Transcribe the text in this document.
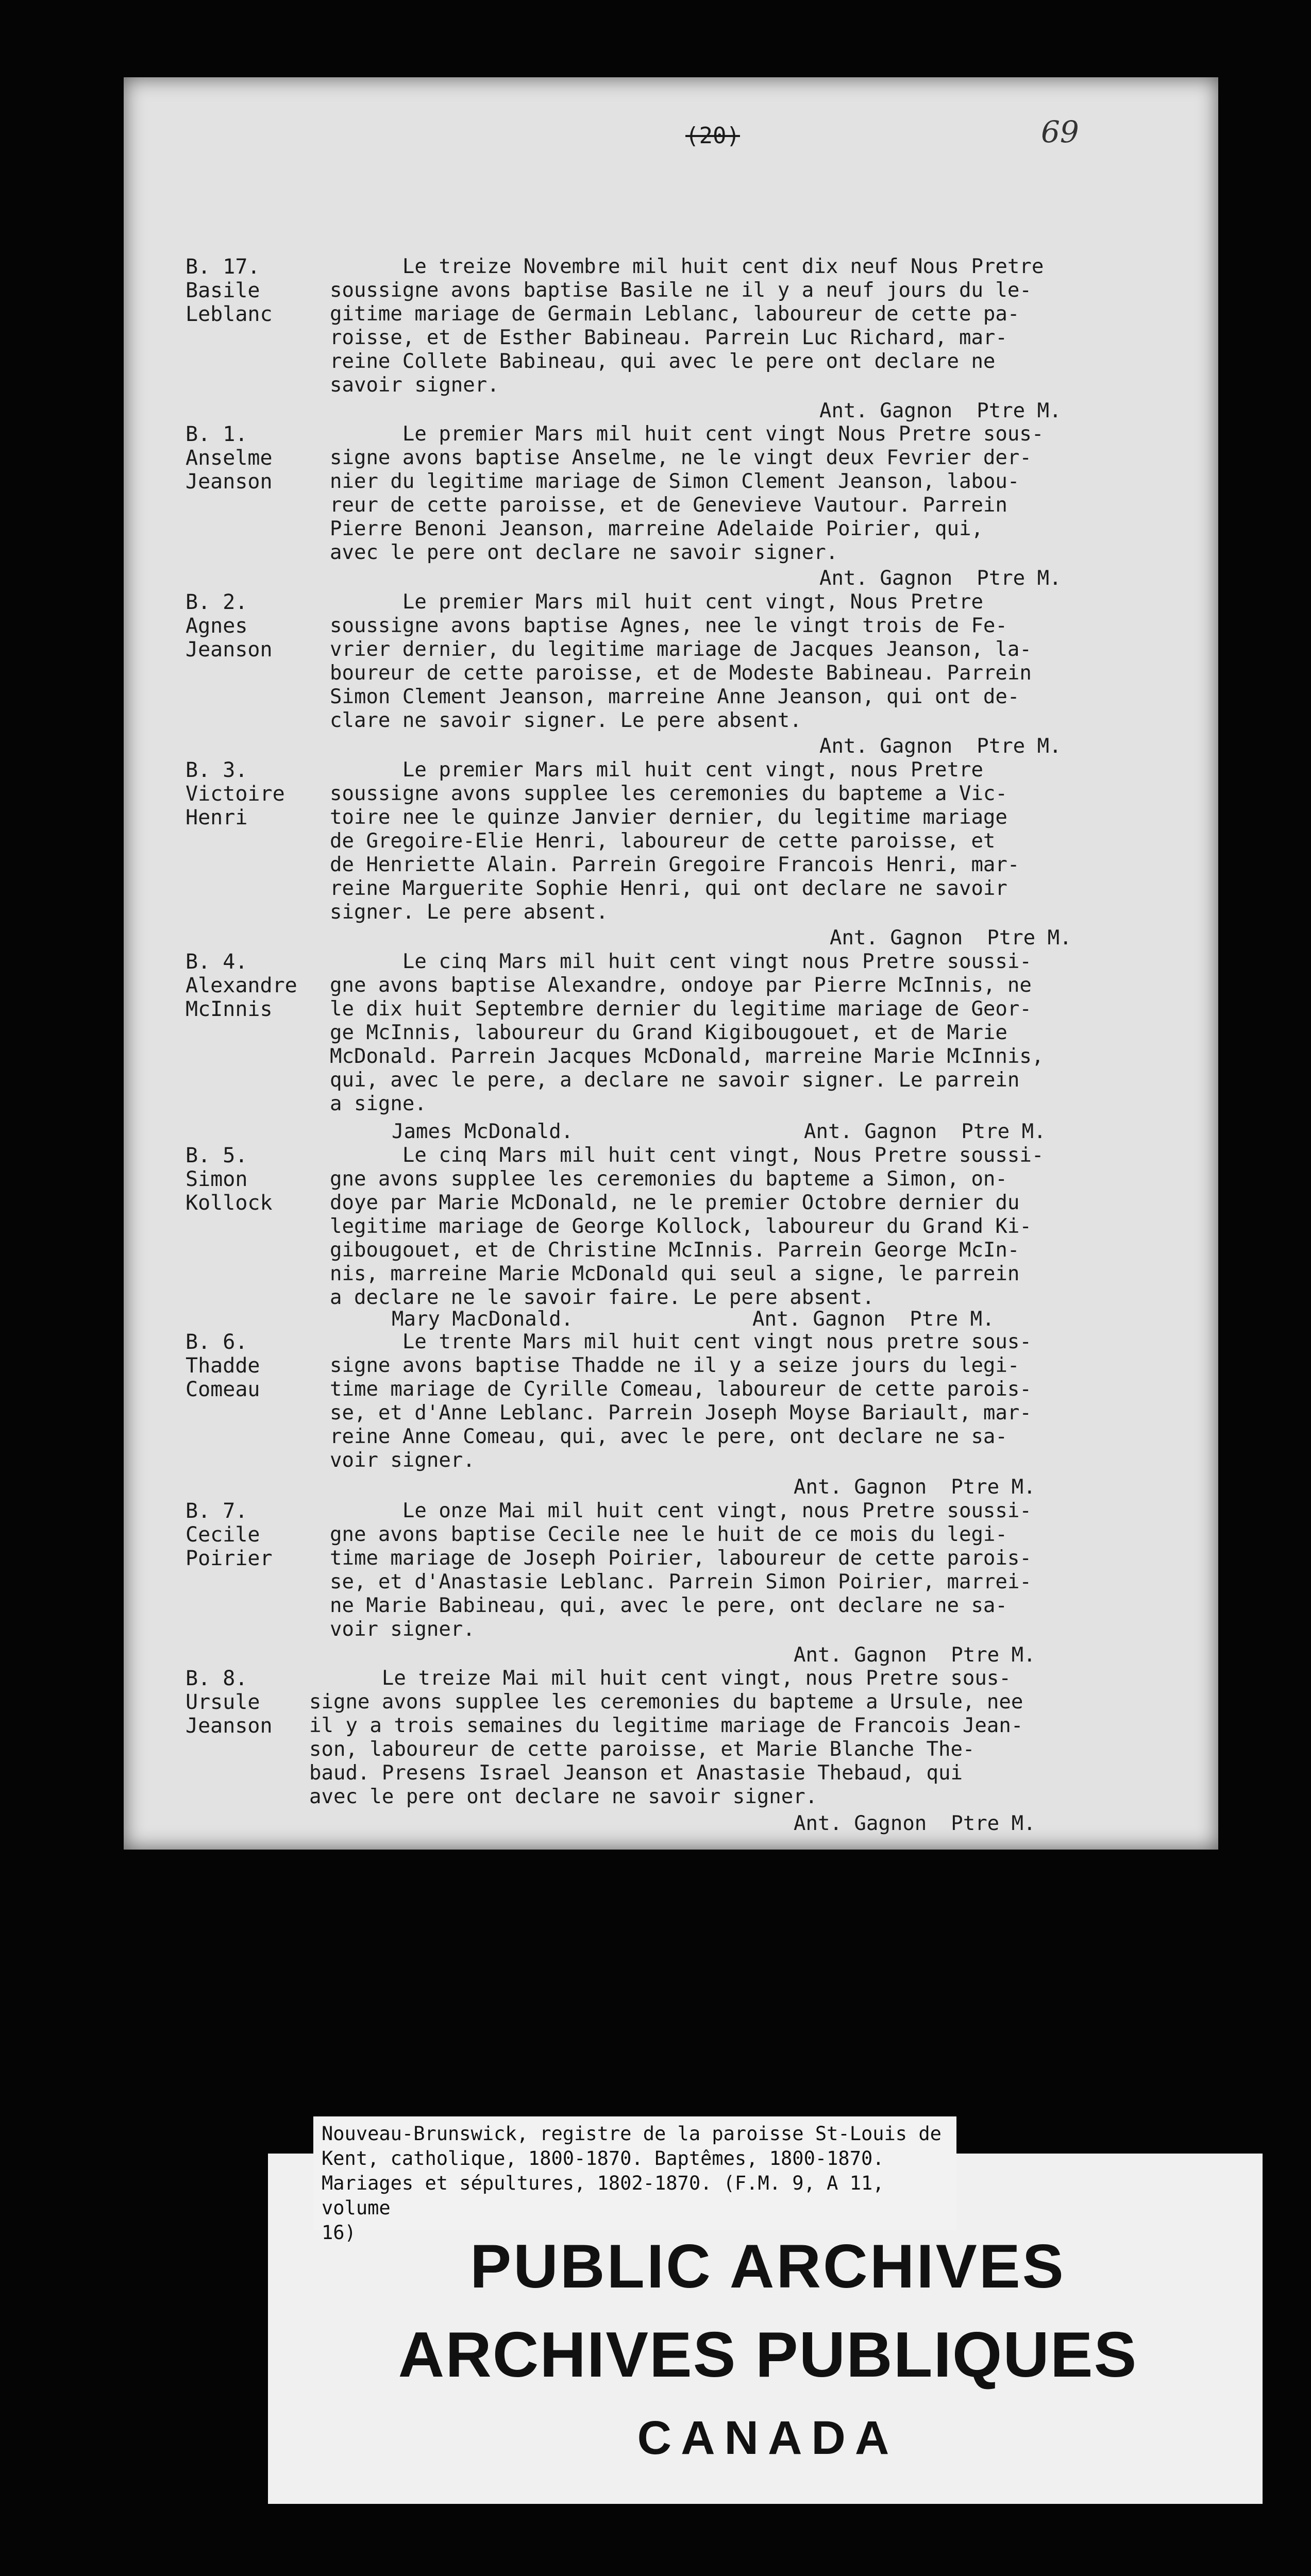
(20)	69
B. 17.
Basile
Leblanc
Le treize Novembre mil huit cent dix neuf Nous Pretre
soussigne avons baptise Basile ne il y a neuf jours du le-
gitime mariage de Germain Leblanc, laboureur de cette pa-
roisse, et de Esther Babineau. Parrein Luc Richard, mar-
reine Collete Babineau, qui avec le pere ont declare ne
savoir signer.
Ant. Gagnon  Ptre M.
B. 1.
Anselme
Jeanson
Le premier Mars mil huit cent vingt Nous Pretre sous-
signe avons baptise Anselme, ne le vingt deux Fevrier der-
nier du legitime mariage de Simon Clement Jeanson, labou-
reur de cette paroisse, et de Genevieve Vautour. Parrein
Pierre Benoni Jeanson, marreine Adelaide Poirier, qui,
avec le pere ont declare ne savoir signer.
Ant. Gagnon  Ptre M.
B. 2.
Agnes
Jeanson
Le premier Mars mil huit cent vingt, Nous Pretre
soussigne avons baptise Agnes, nee le vingt trois de Fe-
vrier dernier, du legitime mariage de Jacques Jeanson, la-
boureur de cette paroisse, et de Modeste Babineau. Parrein
Simon Clement Jeanson, marreine Anne Jeanson, qui ont de-
clare ne savoir signer. Le pere absent.
Ant. Gagnon  Ptre M.
B. 3.
Victoire
Henri
Le premier Mars mil huit cent vingt, nous Pretre
soussigne avons supplee les ceremonies du bapteme a Vic-
toire nee le quinze Janvier dernier, du legitime mariage
de Gregoire-Elie Henri, laboureur de cette paroisse, et
de Henriette Alain. Parrein Gregoire Francois Henri, mar-
reine Marguerite Sophie Henri, qui ont declare ne savoir
signer. Le pere absent.
Ant. Gagnon  Ptre M.
B. 4.
Alexandre
McInnis
Le cinq Mars mil huit cent vingt nous Pretre soussi-
gne avons baptise Alexandre, ondoye par Pierre McInnis, ne
le dix huit Septembre dernier du legitime mariage de Geor-
ge McInnis, laboureur du Grand Kigibougouet, et de Marie
McDonald. Parrein Jacques McDonald, marreine Marie McInnis,
qui, avec le pere, a declare ne savoir signer. Le parrein
a signe.
James McDonald.	Ant. Gagnon  Ptre M.
B. 5.
Simon
Kollock
Le cinq Mars mil huit cent vingt, Nous Pretre soussi-
gne avons supplee les ceremonies du bapteme a Simon, on-
doye par Marie McDonald, ne le premier Octobre dernier du
legitime mariage de George Kollock, laboureur du Grand Ki-
gibougouet, et de Christine McInnis. Parrein George McIn-
nis, marreine Marie McDonald qui seul a signe, le parrein
a declare ne le savoir faire. Le pere absent.
Mary MacDonald.	Ant. Gagnon  Ptre M.
B. 6.
Thadde
Comeau
Le trente Mars mil huit cent vingt nous pretre sous-
signe avons baptise Thadde ne il y a seize jours du legi-
time mariage de Cyrille Comeau, laboureur de cette parois-
se, et d'Anne Leblanc. Parrein Joseph Moyse Bariault, mar-
reine Anne Comeau, qui, avec le pere, ont declare ne sa-
voir signer.
Ant. Gagnon  Ptre M.
B. 7.
Cecile
Poirier
Le onze Mai mil huit cent vingt, nous Pretre soussi-
gne avons baptise Cecile nee le huit de ce mois du legi-
time mariage de Joseph Poirier, laboureur de cette parois-
se, et d'Anastasie Leblanc. Parrein Simon Poirier, marrei-
ne Marie Babineau, qui, avec le pere, ont declare ne sa-
voir signer.
Ant. Gagnon  Ptre M.
B. 8.
Ursule
Jeanson
Le treize Mai mil huit cent vingt, nous Pretre sous-
signe avons supplee les ceremonies du bapteme a Ursule, nee
il y a trois semaines du legitime mariage de Francois Jean-
son, laboureur de cette paroisse, et Marie Blanche The-
baud. Presens Israel Jeanson et Anastasie Thebaud, qui
avec le pere ont declare ne savoir signer.
Ant. Gagnon  Ptre M.
Nouveau-Brunswick, registre de la paroisse St-Louis de
Kent, catholique, 1800-1870. Baptêmes, 1800-1870.
Mariages et sépultures, 1802-1870. (F.M. 9, A 11, volume
16)	PUBLIC ARCHIVES
ARCHIVES PUBLIQUES
CANADA
